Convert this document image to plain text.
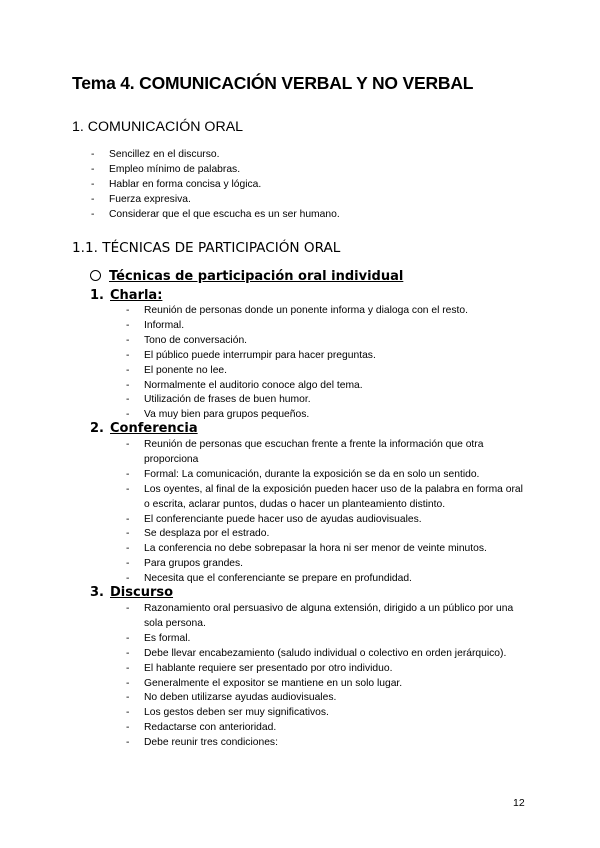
Tema 4. COMUNICACIÓN VERBAL Y NO VERBAL
1. COMUNICACIÓN ORAL
- Sencillez en el discurso.
- Empleo mínimo de palabras.
- Hablar en forma concisa y lógica.
- Fuerza expresiva.
- Considerar que el que escucha es un ser humano.
1.1. TÉCNICAS DE PARTICIPACIÓN ORAL
Técnicas de participación oral individual
1. Charla:
- Reunión de personas donde un ponente informa y dialoga con el resto.
- Informal.
- Tono de conversación.
- El público puede interrumpir para hacer preguntas.
- El ponente no lee.
- Normalmente el auditorio conoce algo del tema.
- Utilización de frases de buen humor.
- Va muy bien para grupos pequeños.
2. Conferencia
- Reunión de personas que escuchan frente a frente la información que otra proporciona
- Formal: La comunicación, durante la exposición se da en solo un sentido.
- Los oyentes, al final de la exposición pueden hacer uso de la palabra en forma oral o escrita, aclarar puntos, dudas o hacer un planteamiento distinto.
- El conferenciante puede hacer uso de ayudas audiovisuales.
- Se desplaza por el estrado.
- La conferencia no debe sobrepasar la hora ni ser menor de veinte minutos.
- Para grupos grandes.
- Necesita que el conferenciante se prepare en profundidad.
3. Discurso
- Razonamiento oral persuasivo de alguna extensión, dirigido a un público por una sola persona.
- Es formal.
- Debe llevar encabezamiento (saludo individual o colectivo en orden jerárquico).
- El hablante requiere ser presentado por otro individuo.
- Generalmente el expositor se mantiene en un solo lugar.
- No deben utilizarse ayudas audiovisuales.
- Los gestos deben ser muy significativos.
- Redactarse con anterioridad.
- Debe reunir tres condiciones:
12
